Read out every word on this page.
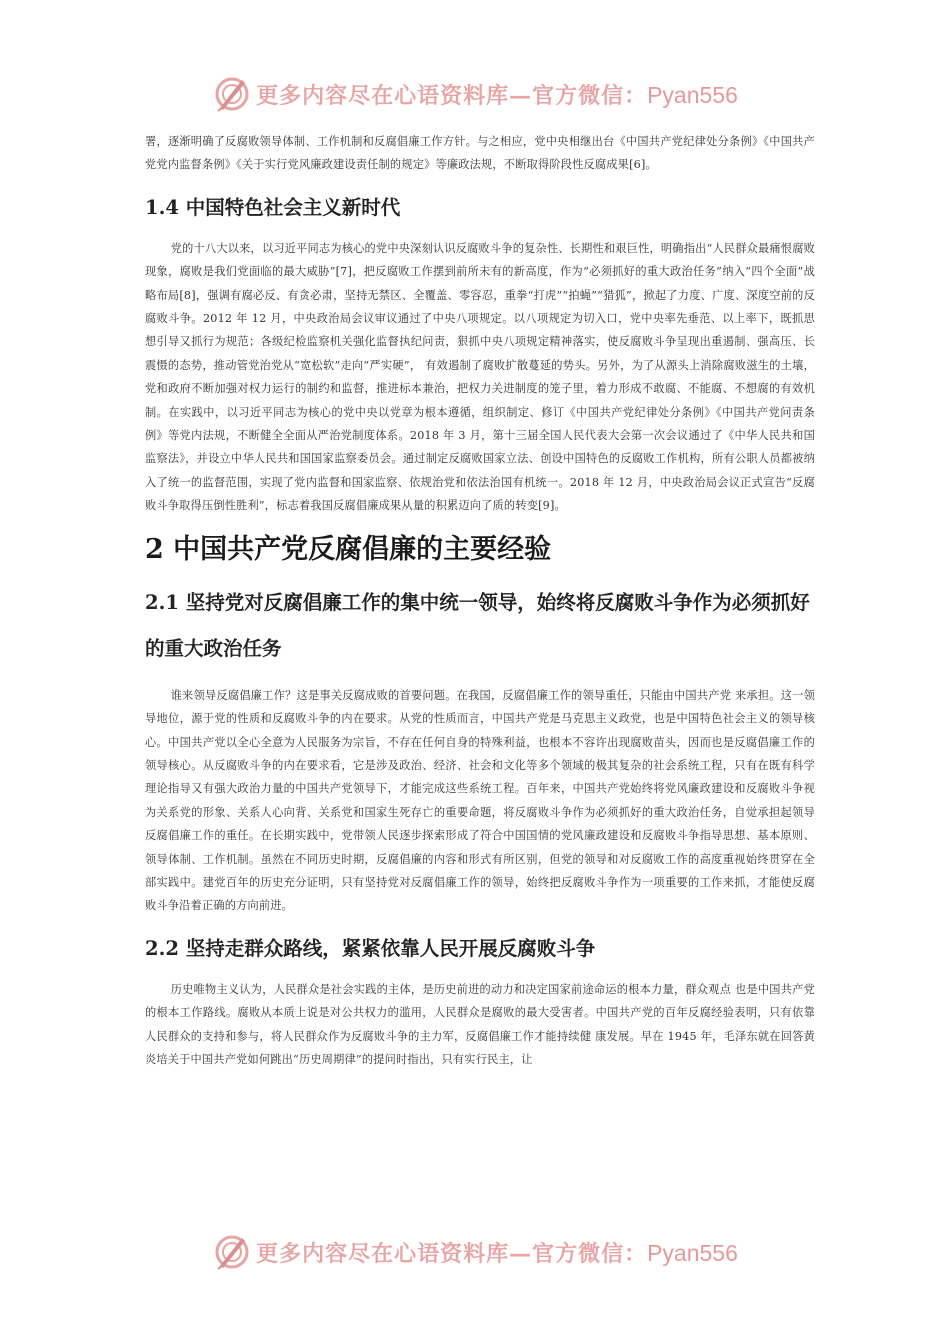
更多内容尽在心语资料库—官方微信：Pyan556

署，逐渐明确了反腐败领导体制、工作机制和反腐倡廉工作方针。与之相应，党中央相继出台《中国共产党纪律处分条例》《中国共产党党内监督条例》《关于实行党风廉政建设责任制的规定》等廉政法规，不断取得阶段性反腐成果[6]。

1.4 中国特色社会主义新时代

党的十八大以来，以习近平同志为核心的党中央深刻认识反腐败斗争的复杂性、长期性和艰巨性，明确指出“人民群众最痛恨腐败现象，腐败是我们党面临的最大威胁”[7]，把反腐败工作摆到前所未有的新高度，作为“必须抓好的重大政治任务”纳入“四个全面”战略布局[8]，强调有腐必反、有贪必肃，坚持无禁区、全覆盖、零容忍，重拳“打虎”“拍蝇”“猎狐”，掀起了力度、广度、深度空前的反腐败斗争。2012 年 12 月，中央政治局会议审议通过了中央八项规定。以八项规定为切入口，党中央率先垂范、以上率下，既抓思想引导又抓行为规范；各级纪检监察机关强化监督执纪问责，狠抓中央八项规定精神落实，使反腐败斗争呈现出重遏制、强高压、长震慑的态势，推动管党治党从“宽松软”走向“严实硬”， 有效遏制了腐败扩散蔓延的势头。另外，为了从源头上消除腐败滋生的土壤，党和政府不断加强对权力运行的制约和监督，推进标本兼治，把权力关进制度的笼子里，着力形成不敢腐、不能腐、不想腐的有效机制。在实践中，以习近平同志为核心的党中央以党章为根本遵循，组织制定、修订《中国共产党纪律处分条例》《中国共产党问责条例》等党内法规，不断健全全面从严治党制度体系。2018 年 3 月，第十三届全国人民代表大会第一次会议通过了《中华人民共和国 监察法》，并设立中华人民共和国国家监察委员会。通过制定反腐败国家立法、创设中国特色的反腐败工作机构，所有公职人员都被纳入了统一的监督范围，实现了党内监督和国家监察、依规治党和依法治国有机统一。2018 年 12 月，中央政治局会议正式宣告“反腐败斗争取得压倒性胜利”，标志着我国反腐倡廉成果从量的积累迈向了质的转变[9]。

2 中国共产党反腐倡廉的主要经验

2.1 坚持党对反腐倡廉工作的集中统一领导，始终将反腐败斗争作为必须抓好的重大政治任务

谁来领导反腐倡廉工作？这是事关反腐成败的首要问题。在我国，反腐倡廉工作的领导重任，只能由中国共产党 来承担。这一领导地位，源于党的性质和反腐败斗争的内在要求。从党的性质而言，中国共产党是马克思主义政党，也是中国特色社会主义的领导核心。中国共产党以全心全意为人民服务为宗旨，不存在任何自身的特殊利益，也根本不容许出现腐败苗头，因而也是反腐倡廉工作的领导核心。从反腐败斗争的内在要求看，它是涉及政治、经济、社会和文化等多个领域的极其复杂的社会系统工程，只有在既有科学理论指导又有强大政治力量的中国共产党领导下，才能完成这些系统工程。百年来，中国共产党始终将党风廉政建设和反腐败斗争视为关系党的形象、关系人心向背、关系党和国家生死存亡的重要命题，将反腐败斗争作为必须抓好的重大政治任务，自觉承担起领导反腐倡廉工作的重任。在长期实践中，党带领人民逐步探索形成了符合中国国情的党风廉政建设和反腐败斗争指导思想、基本原则、领导体制、工作机制。虽然在不同历史时期，反腐倡廉的内容和形式有所区别，但党的领导和对反腐败工作的高度重视始终贯穿在全部实践中。建党百年的历史充分证明，只有坚持党对反腐倡廉工作的领导，始终把反腐败斗争作为一项重要的工作来抓，才能使反腐败斗争沿着正确的方向前进。

2.2 坚持走群众路线，紧紧依靠人民开展反腐败斗争

历史唯物主义认为，人民群众是社会实践的主体，是历史前进的动力和决定国家前途命运的根本力量，群众观点 也是中国共产党的根本工作路线。腐败从本质上说是对公共权力的滥用，人民群众是腐败的最大受害者。中国共产党的百年反腐经验表明，只有依靠人民群众的支持和参与，将人民群众作为反腐败斗争的主力军，反腐倡廉工作才能持续健 康发展。早在 1945 年，毛泽东就在回答黄炎培关于中国共产党如何跳出“历史周期律”的提问时指出，只有实行民主，让

更多内容尽在心语资料库—官方微信：Pyan556
